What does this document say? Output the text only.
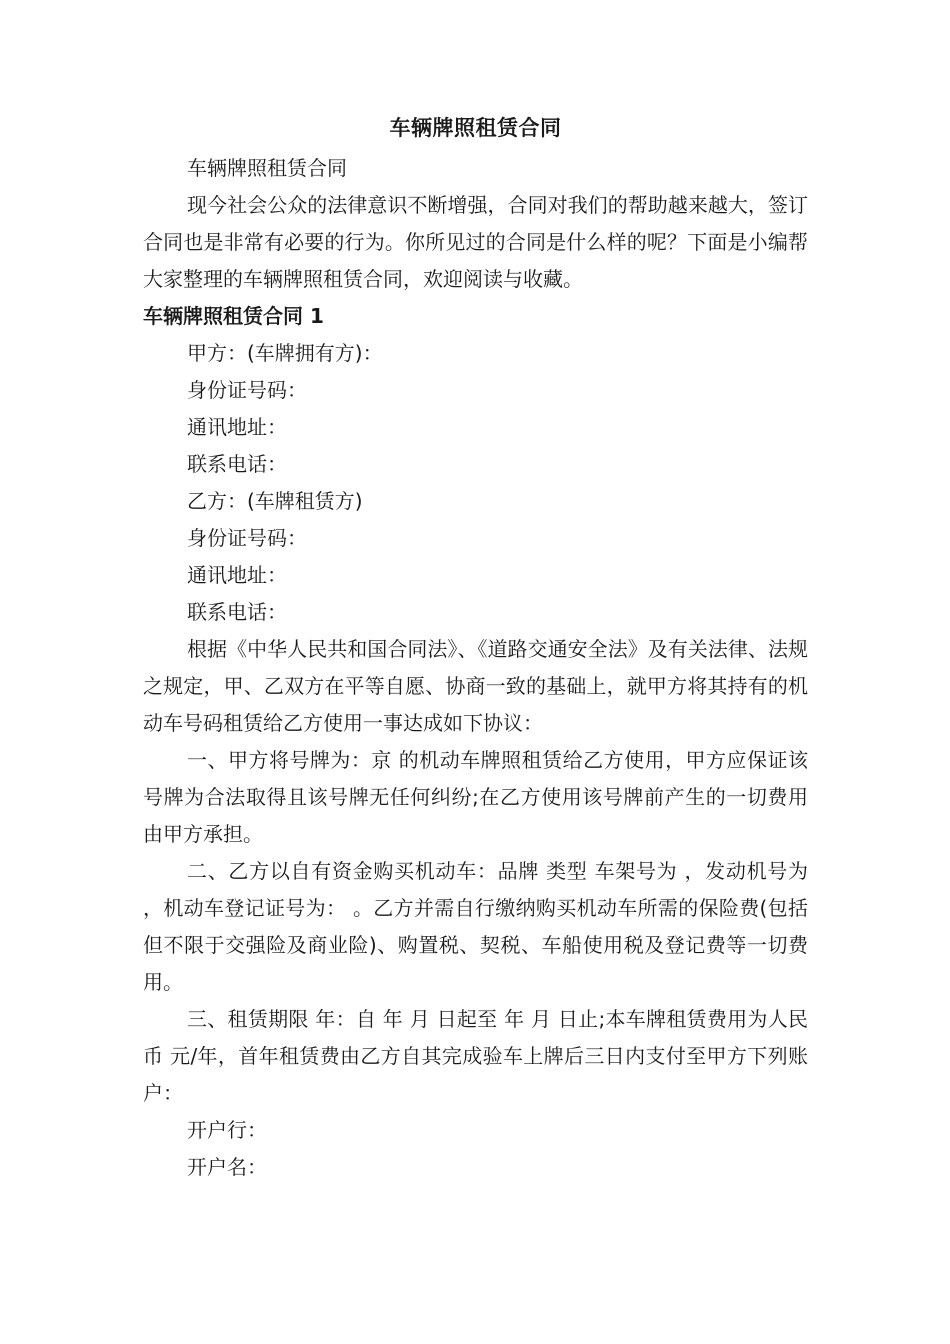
车辆牌照租赁合同

车辆牌照租赁合同

现今社会公众的法律意识不断增强，合同对我们的帮助越来越大，签订合同也是非常有必要的行为。你所见过的合同是什么样的呢？下面是小编帮大家整理的车辆牌照租赁合同，欢迎阅读与收藏。

车辆牌照租赁合同 1

甲方：(车牌拥有方)：

身份证号码：

通讯地址：

联系电话：

乙方：(车牌租赁方)

身份证号码：

通讯地址：

联系电话：

根据《中华人民共和国合同法》、《道路交通安全法》及有关法律、法规之规定，甲、乙双方在平等自愿、协商一致的基础上，就甲方将其持有的机动车号码租赁给乙方使用一事达成如下协议：

一、甲方将号牌为：京 的机动车牌照租赁给乙方使用，甲方应保证该号牌为合法取得且该号牌无任何纠纷;在乙方使用该号牌前产生的一切费用由甲方承担。

二、乙方以自有资金购买机动车：品牌 类型 车架号为 ，发动机号为 ，机动车登记证号为： 。乙方并需自行缴纳购买机动车所需的保险费(包括但不限于交强险及商业险)、购置税、契税、车船使用税及登记费等一切费用。

三、租赁期限 年：自 年 月 日起至 年 月 日止;本车牌租赁费用为人民币 元/年，首年租赁费由乙方自其完成验车上牌后三日内支付至甲方下列账户：

开户行：

开户名：
